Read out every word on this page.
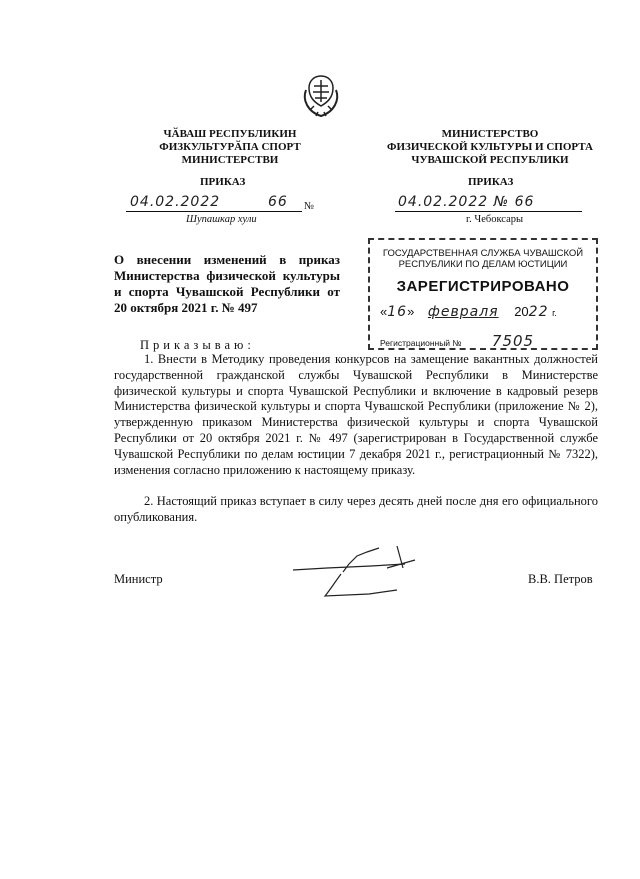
ЧӐВАШ РЕСПУБЛИКИН
ФИЗКУЛЬТУРӐПА СПОРТ
МИНИСТЕРСТВИ
МИНИСТЕРСТВО
ФИЗИЧЕСКОЙ КУЛЬТУРЫ И СПОРТА
ЧУВАШСКОЙ РЕСПУБЛИКИ
ПРИКАЗ	ПРИКАЗ
04.02.2022	66 №
Шупашкар хули
04.02.2022 № 66
г. Чебоксары
О внесении изменений в приказ Министерства физической культуры и спорта Чувашской Республики от 20 октября 2021 г. № 497
ГОСУДАРСТВЕННАЯ СЛУЖБА ЧУВАШСКОЙ
РЕСПУБЛИКИ ПО ДЕЛАМ ЮСТИЦИИ
ЗАРЕГИСТРИРОВАНО
«16» февраля 2022 г.
Регистрационный № 7505
Приказываю:
1. Внести в Методику проведения конкурсов на замещение вакантных должностей государственной гражданской службы Чувашской Республики в Министерстве физической культуры и спорта Чувашской Республики и включение в кадровый резерв Министерства физической культуры и спорта Чувашской Республики (приложение № 2), утвержденную приказом Министерства физической культуры и спорта Чувашской Республики от 20 октября 2021 г. № 497 (зарегистрирован в Государственной службе Чувашской Республики по делам юстиции 7 декабря 2021 г., регистрационный № 7322), изменения согласно приложению к настоящему приказу.
2. Настоящий приказ вступает в силу через десять дней после дня его официального опубликования.
Министр	В.В. Петров
